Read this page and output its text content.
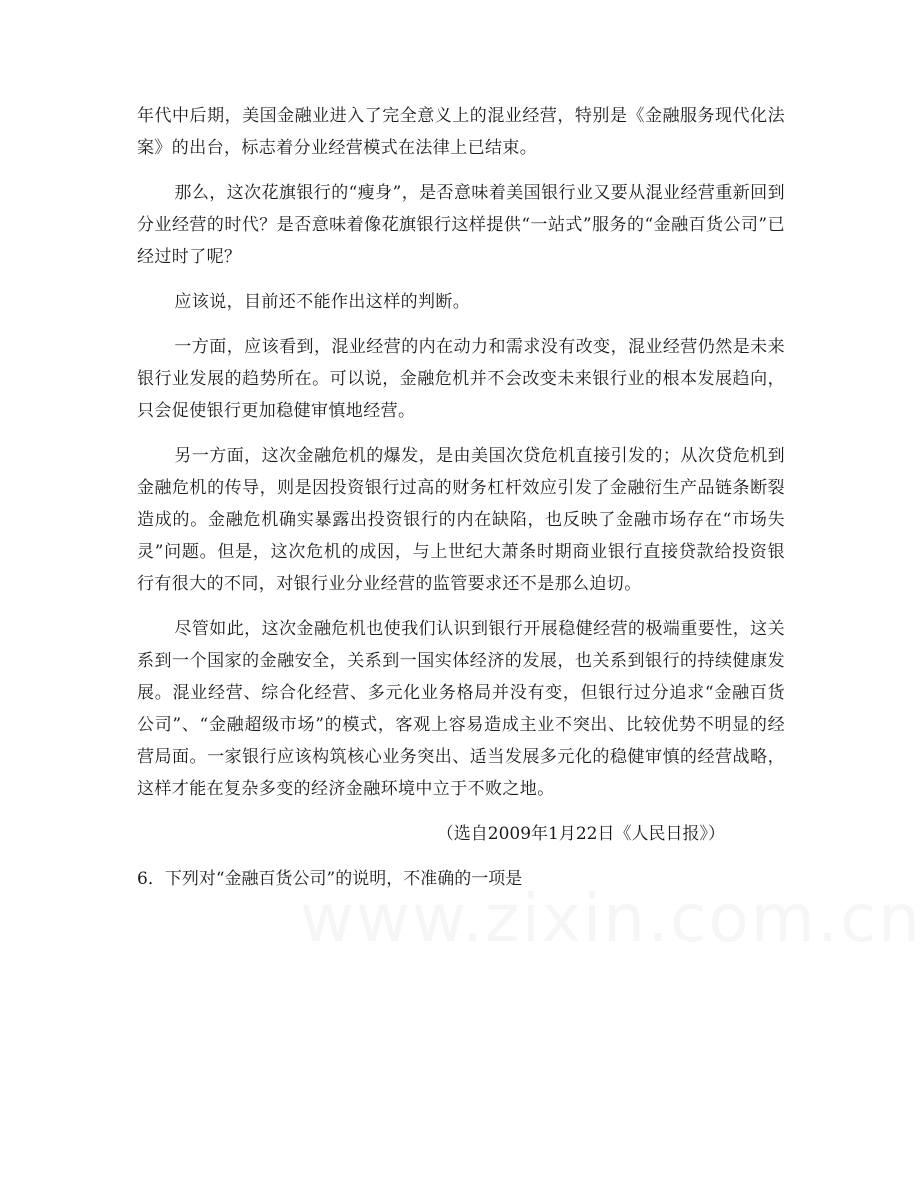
年代中后期，美国金融业进入了完全意义上的混业经营，特别是《金融服务现代化法案》的出台，标志着分业经营模式在法律上已结束。

那么，这次花旗银行的“瘦身”，是否意味着美国银行业又要从混业经营重新回到分业经营的时代？是否意味着像花旗银行这样提供“一站式”服务的“金融百货公司”已经过时了呢？

应该说，目前还不能作出这样的判断。

一方面，应该看到，混业经营的内在动力和需求没有改变，混业经营仍然是未来银行业发展的趋势所在。可以说，金融危机并不会改变未来银行业的根本发展趋向，只会促使银行更加稳健审慎地经营。

另一方面，这次金融危机的爆发，是由美国次贷危机直接引发的；从次贷危机到金融危机的传导，则是因投资银行过高的财务杠杆效应引发了金融衍生产品链条断裂造成的。金融危机确实暴露出投资银行的内在缺陷，也反映了金融市场存在“市场失灵”问题。但是，这次危机的成因，与上世纪大萧条时期商业银行直接贷款给投资银行有很大的不同，对银行业分业经营的监管要求还不是那么迫切。

尽管如此，这次金融危机也使我们认识到银行开展稳健经营的极端重要性，这关系到一个国家的金融安全，关系到一国实体经济的发展，也关系到银行的持续健康发展。混业经营、综合化经营、多元化业务格局并没有变，但银行过分追求“金融百货公司”、“金融超级市场”的模式，客观上容易造成主业不突出、比较优势不明显的经营局面。一家银行应该构筑核心业务突出、适当发展多元化的稳健审慎的经营战略，这样才能在复杂多变的经济金融环境中立于不败之地。

（选自2009年1月22日《人民日报》）

6．下列对“金融百货公司”的说明，不准确的一项是
